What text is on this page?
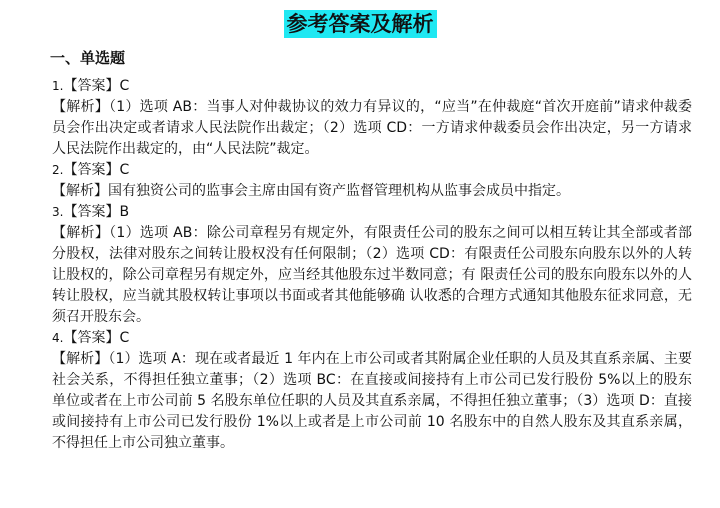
参考答案及解析
一、单选题
1.【答案】C
【解析】（1）选项 AB：当事人对仲裁协议的效力有异议的，“应当”在仲裁庭“首次开庭前”请求仲裁委员会作出决定或者请求人民法院作出裁定；（2）选项 CD：一方请求仲裁委员会作出决定，另一方请求人民法院作出裁定的，由“人民法院”裁定。
2.【答案】C
【解析】国有独资公司的监事会主席由国有资产监督管理机构从监事会成员中指定。
3.【答案】B
【解析】（1）选项 AB：除公司章程另有规定外，有限责任公司的股东之间可以相互转让其全部或者部分股权，法律对股东之间转让股权没有任何限制；（2）选项 CD：有限责任公司股东向股东以外的人转让股权的，除公司章程另有规定外，应当经其他股东过半数同意；有 限责任公司的股东向股东以外的人转让股权，应当就其股权转让事项以书面或者其他能够确 认收悉的合理方式通知其他股东征求同意，无须召开股东会。
4.【答案】C
【解析】（1）选项 A：现在或者最近 1 年内在上市公司或者其附属企业任职的人员及其直系亲属、主要社会关系，不得担任独立董事；（2）选项 BC：在直接或间接持有上市公司已发行股份 5%以上的股东单位或者在上市公司前 5 名股东单位任职的人员及其直系亲属，不得担任独立董事；（3）选项 D：直接或间接持有上市公司已发行股份 1%以上或者是上市公司前 10 名股东中的自然人股东及其直系亲属，不得担任上市公司独立董事。
